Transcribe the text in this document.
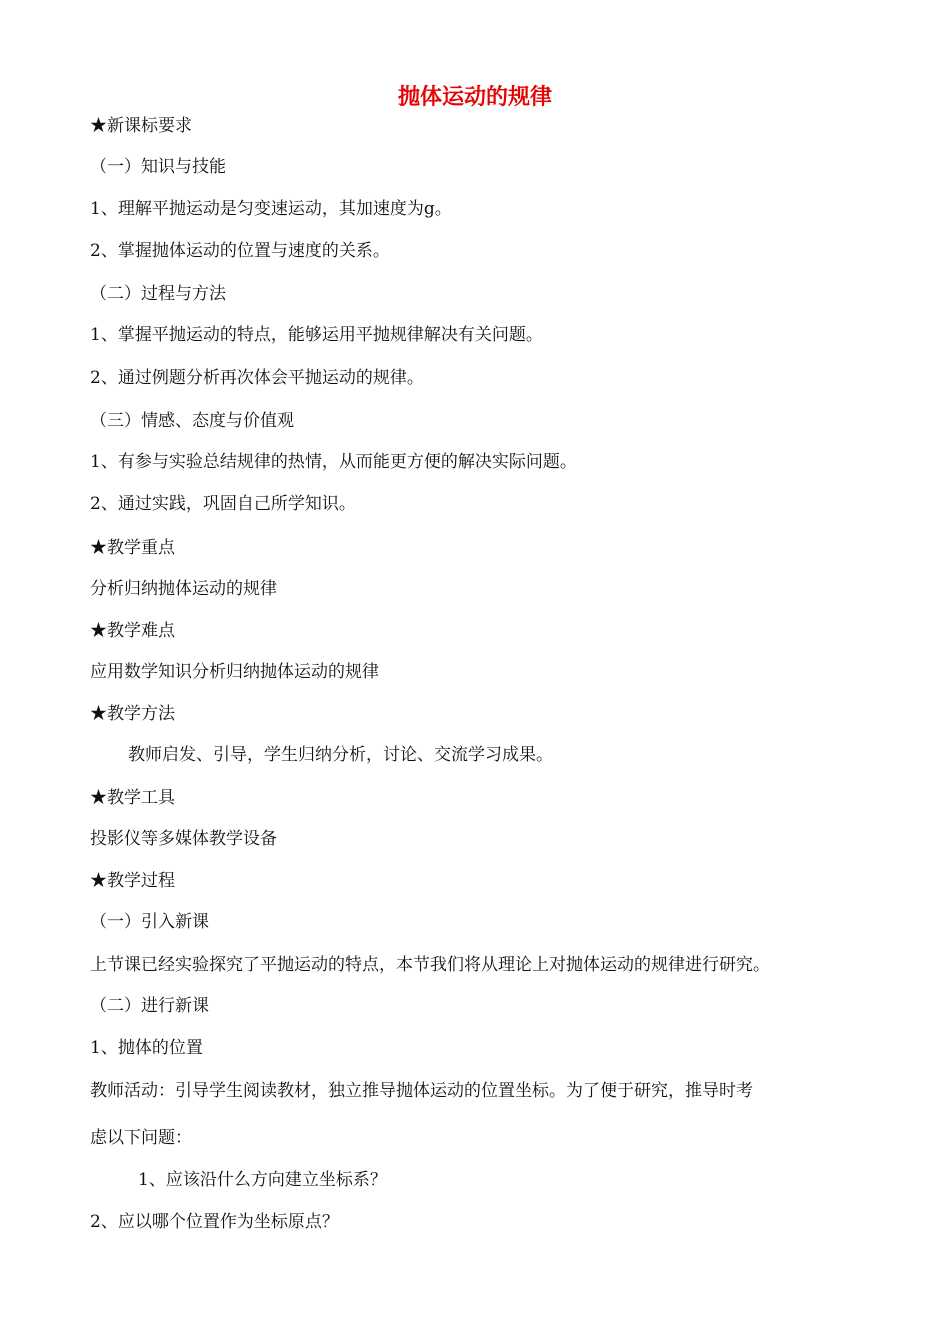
抛体运动的规律
★新课标要求
（一）知识与技能
1、理解平抛运动是匀变速运动，其加速度为g。
2、掌握抛体运动的位置与速度的关系。
（二）过程与方法
1、掌握平抛运动的特点，能够运用平抛规律解决有关问题。
2、通过例题分析再次体会平抛运动的规律。
（三）情感、态度与价值观
1、有参与实验总结规律的热情，从而能更方便的解决实际问题。
2、通过实践，巩固自己所学知识。
★教学重点
分析归纳抛体运动的规律
★教学难点
应用数学知识分析归纳抛体运动的规律
★教学方法
教师启发、引导，学生归纳分析，讨论、交流学习成果。
★教学工具
投影仪等多媒体教学设备
★教学过程
（一）引入新课
上节课已经实验探究了平抛运动的特点，本节我们将从理论上对抛体运动的规律进行研究。
（二）进行新课
1、抛体的位置
教师活动：引导学生阅读教材，独立推导抛体运动的位置坐标。为了便于研究，推导时考
虑以下问题：
1、应该沿什么方向建立坐标系？
2、应以哪个位置作为坐标原点？
